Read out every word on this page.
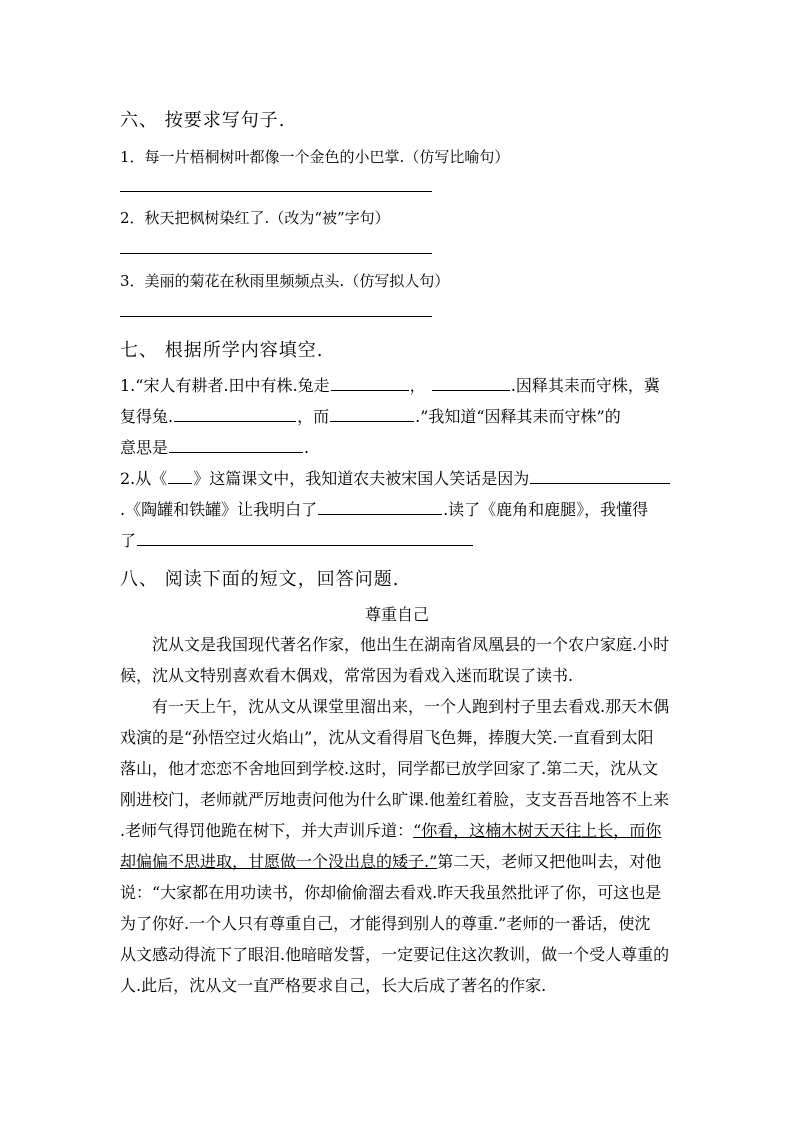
六、 按要求写句子.
1．每一片梧桐树叶都像一个金色的小巴掌.（仿写比喻句）
2．秋天把枫树染红了.（改为“被”字句）
3．美丽的菊花在秋雨里频频点头.（仿写拟人句）
七、 根据所学内容填空.
1.“宋人有耕者.田中有株.兔走	，	.因释其耒而守株，冀
复得兔.	，而	.”我知道“因释其耒而守株”的
意思是	.
2.从《 》这篇课文中，我知道农夫被宋国人笑话是因为
.《陶罐和铁罐》让我明白了	.读了《鹿角和鹿腿》，我懂得
了
八、 阅读下面的短文，回答问题.
尊重自己
沈从文是我国现代著名作家，他出生在湖南省凤凰县的一个农户家庭.小时
候，沈从文特别喜欢看木偶戏，常常因为看戏入迷而耽误了读书.
有一天上午，沈从文从课堂里溜出来，一个人跑到村子里去看戏.那天木偶
戏演的是“孙悟空过火焰山”，沈从文看得眉飞色舞，捧腹大笑.一直看到太阳
落山，他才恋恋不舍地回到学校.这时，同学都已放学回家了.第二天，沈从文
刚进校门，老师就严厉地责问他为什么旷课.他羞红着脸，支支吾吾地答不上来
.老师气得罚他跪在树下，并大声训斥道：“你看，这楠木树天天往上长，而你
却偏偏不思进取，甘愿做一个没出息的矮子.”第二天，老师又把他叫去，对他
说：“大家都在用功读书，你却偷偷溜去看戏.昨天我虽然批评了你，可这也是
为了你好.一个人只有尊重自己，才能得到别人的尊重.”老师的一番话，使沈
从文感动得流下了眼泪.他暗暗发誓，一定要记住这次教训，做一个受人尊重的
人.此后，沈从文一直严格要求自己，长大后成了著名的作家.
